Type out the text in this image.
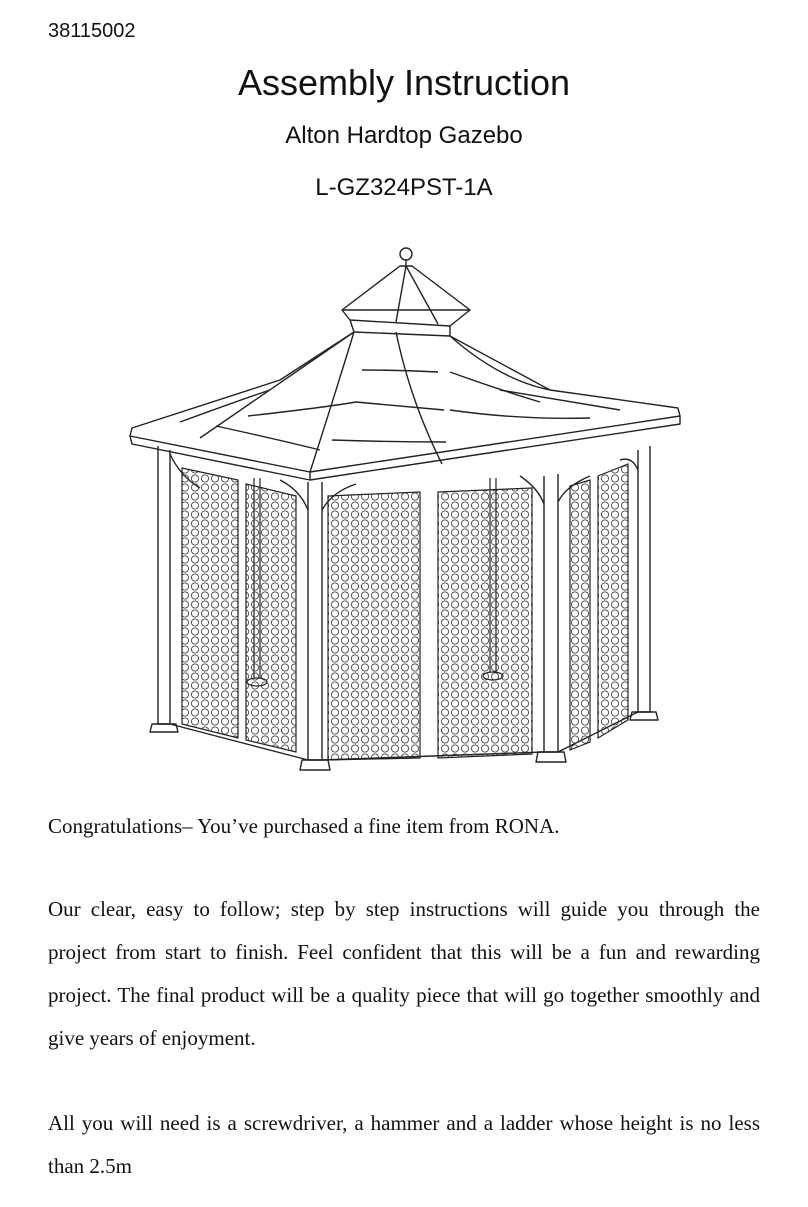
38115002
Assembly Instruction
Alton Hardtop Gazebo
L-GZ324PST-1A
Congratulations– You’ve purchased a fine item from RONA.
Our clear, easy to follow; step by step instructions will guide you through the project from start to finish. Feel confident that this will be a fun and rewarding project. The final product will be a quality piece that will go together smoothly and give years of enjoyment.
All you will need is a screwdriver, a hammer and a ladder whose height is no less than 2.5m
